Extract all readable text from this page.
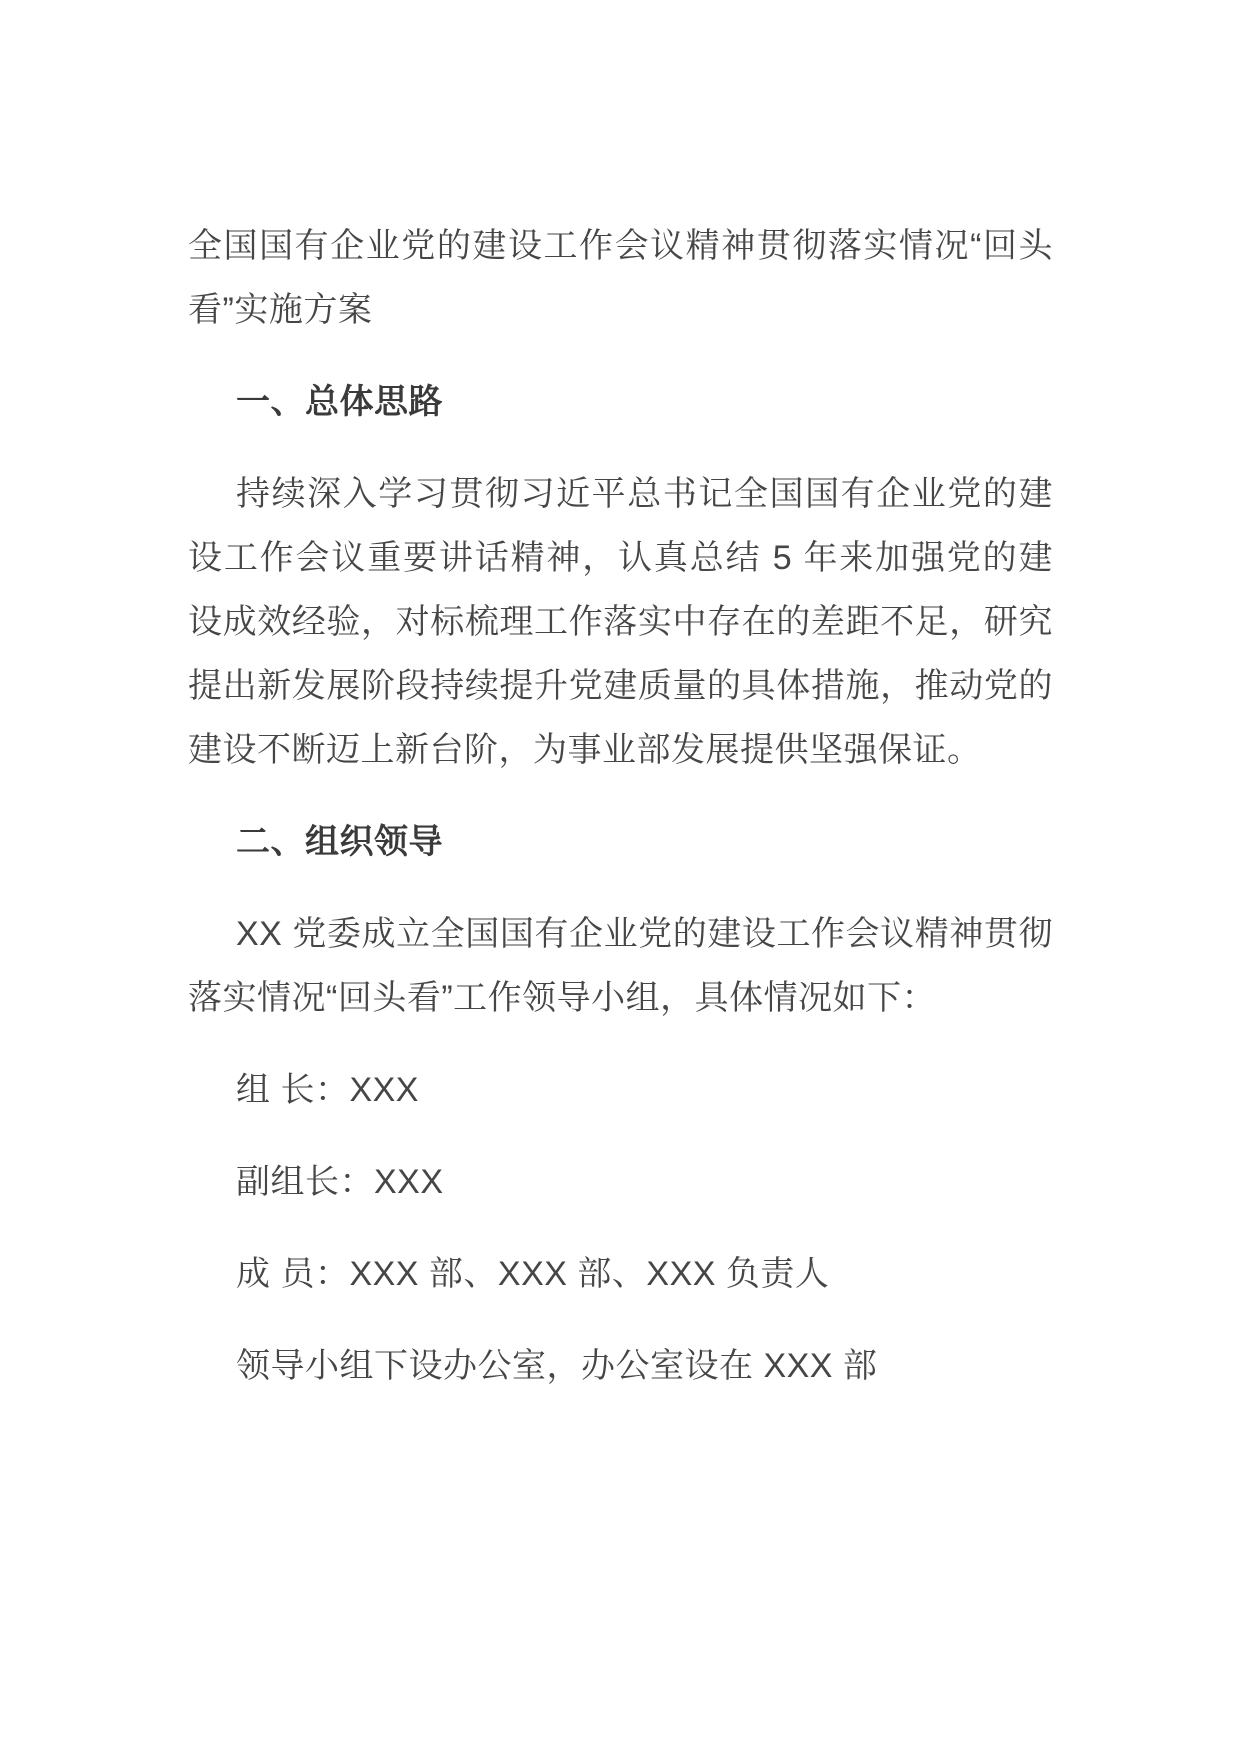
全国国有企业党的建设工作会议精神贯彻落实情况“回头看”实施方案

一、总体思路

持续深入学习贯彻习近平总书记全国国有企业党的建设工作会议重要讲话精神，认真总结 5 年来加强党的建设成效经验，对标梳理工作落实中存在的差距不足，研究提出新发展阶段持续提升党建质量的具体措施，推动党的建设不断迈上新台阶，为事业部发展提供坚强保证。

二、组织领导

XX 党委成立全国国有企业党的建设工作会议精神贯彻落实情况“回头看”工作领导小组，具体情况如下：

组 长：XXX

副组长：XXX

成 员：XXX 部、XXX 部、XXX 负责人

领导小组下设办公室，办公室设在 XXX 部
